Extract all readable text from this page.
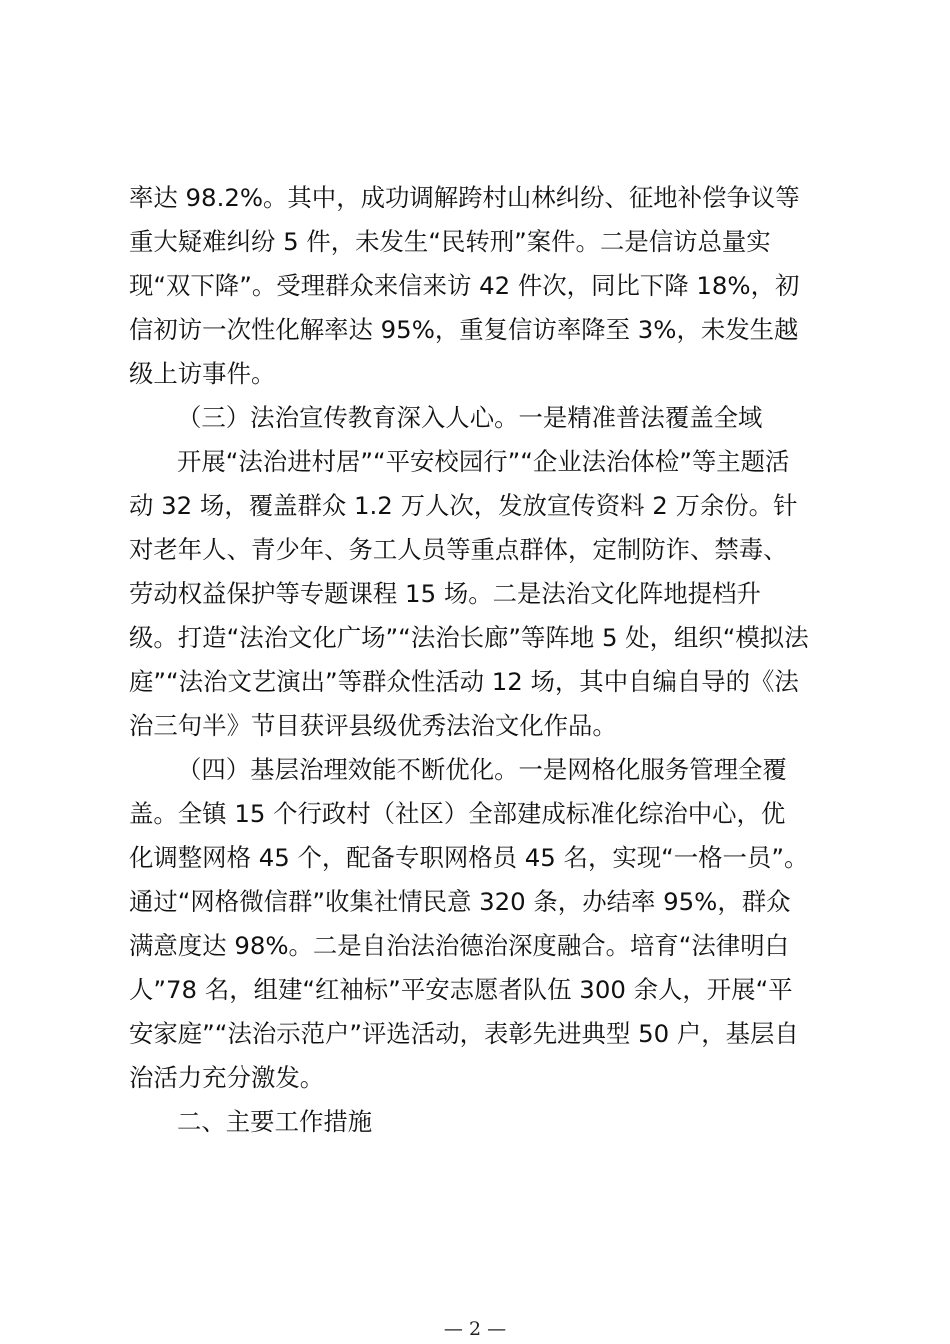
率达 98.2%。其中，成功调解跨村山林纠纷、征地补偿争议等
重大疑难纠纷 5 件，未发生“民转刑”案件。二是信访总量实
现“双下降”。受理群众来信来访 42 件次，同比下降 18%，初
信初访一次性化解率达 95%，重复信访率降至 3%，未发生越
级上访事件。
（三）法治宣传教育深入人心。一是精准普法覆盖全域
开展“法治进村居”“平安校园行”“企业法治体检”等主题活
动 32 场，覆盖群众 1.2 万人次，发放宣传资料 2 万余份。针
对老年人、青少年、务工人员等重点群体，定制防诈、禁毒、
劳动权益保护等专题课程 15 场。二是法治文化阵地提档升
级。打造“法治文化广场”“法治长廊”等阵地 5 处，组织“模拟法
庭”“法治文艺演出”等群众性活动 12 场，其中自编自导的《法
治三句半》节目获评县级优秀法治文化作品。
（四）基层治理效能不断优化。一是网格化服务管理全覆
盖。全镇 15 个行政村（社区）全部建成标准化综治中心，优
化调整网格 45 个，配备专职网格员 45 名，实现“一格一员”。
通过“网格微信群”收集社情民意 320 条，办结率 95%，群众
满意度达 98%。二是自治法治德治深度融合。培育“法律明白
人”78 名，组建“红袖标”平安志愿者队伍 300 余人，开展“平
安家庭”“法治示范户”评选活动，表彰先进典型 50 户，基层自
治活力充分激发。
二、主要工作措施
— 2 —
